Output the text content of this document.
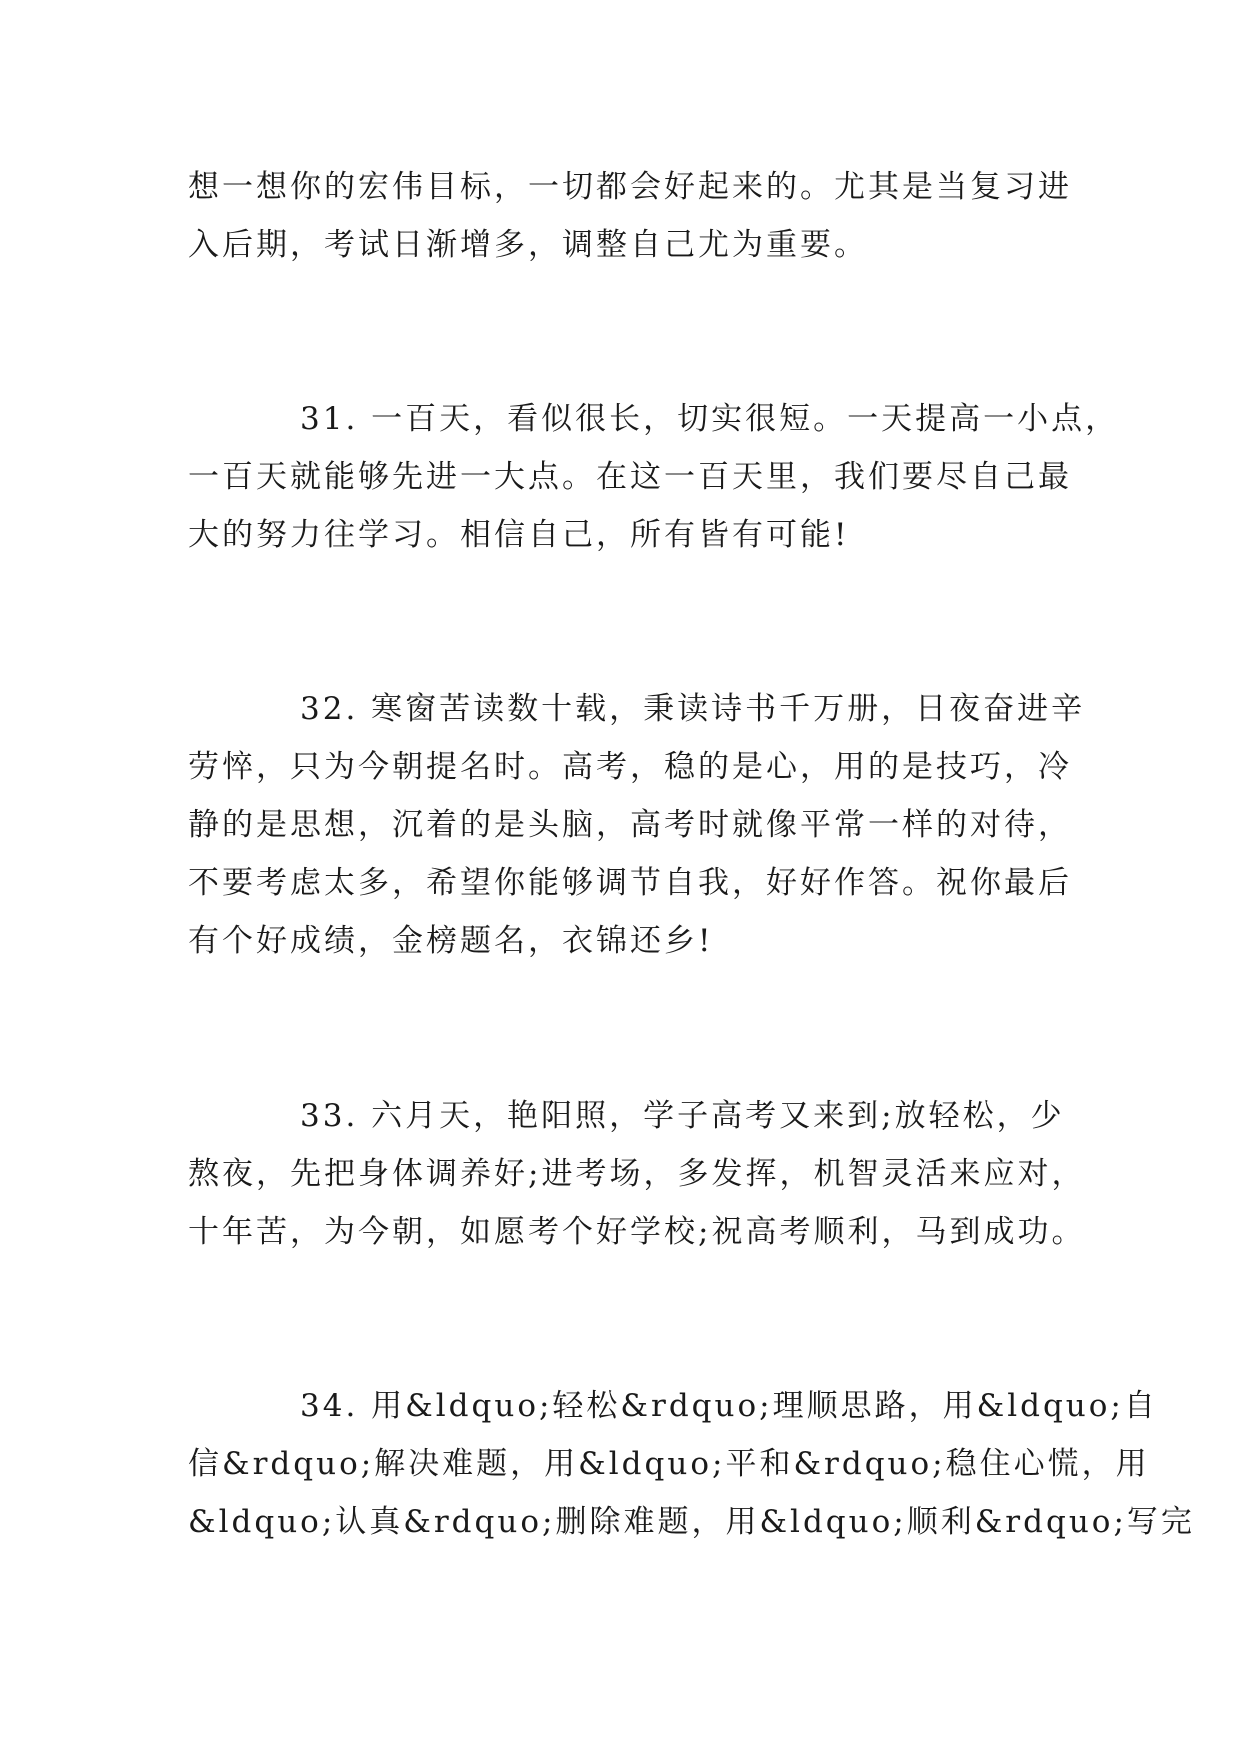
想一想你的宏伟目标，一切都会好起来的。尤其是当复习进
入后期，考试日渐增多，调整自己尤为重要。
31. 一百天，看似很长，切实很短。一天提高一小点，
一百天就能够先进一大点。在这一百天里，我们要尽自己最
大的努力往学习。相信自己，所有皆有可能!
32. 寒窗苦读数十载，秉读诗书千万册，日夜奋进辛
劳悴，只为今朝提名时。高考，稳的是心，用的是技巧，冷
静的是思想，沉着的是头脑，高考时就像平常一样的对待，
不要考虑太多，希望你能够调节自我，好好作答。祝你最后
有个好成绩，金榜题名，衣锦还乡!
33. 六月天，艳阳照，学子高考又来到;放轻松，少
熬夜，先把身体调养好;进考场，多发挥，机智灵活来应对，
十年苦，为今朝，如愿考个好学校;祝高考顺利，马到成功。
34. 用&ldquo;轻松&rdquo;理顺思路，用&ldquo;自
信&rdquo;解决难题，用&ldquo;平和&rdquo;稳住心慌，用
&ldquo;认真&rdquo;删除难题，用&ldquo;顺利&rdquo;写完
